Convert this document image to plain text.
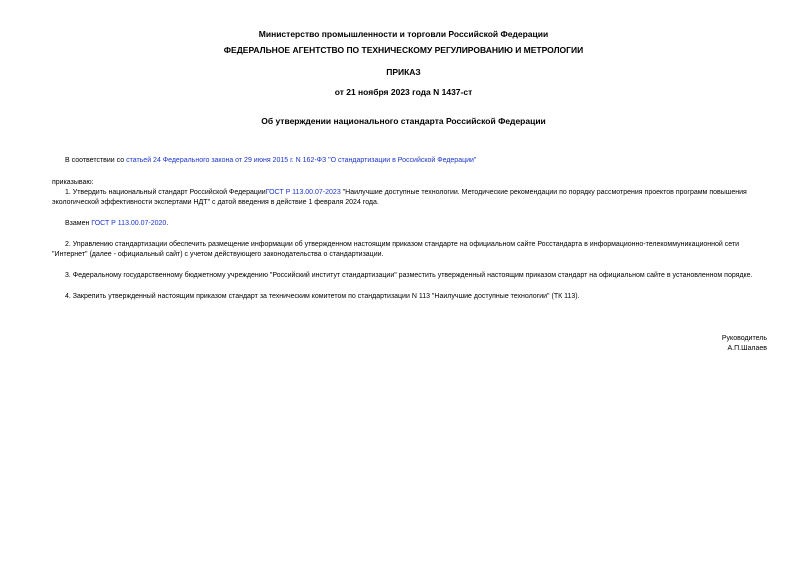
Министерство промышленности и торговли Российской Федерации
ФЕДЕРАЛЬНОЕ АГЕНТСТВО ПО ТЕХНИЧЕСКОМУ РЕГУЛИРОВАНИЮ И МЕТРОЛОГИИ
ПРИКАЗ
от 21 ноября 2023 года N 1437-ст
Об утверждении национального стандарта Российской Федерации
В соответствии со статьей 24 Федерального закона от 29 июня 2015 г. N 162-ФЗ "О стандартизации в Российской Федерации"
приказываю:
1. Утвердить национальный стандарт Российской ФедерацииГОСТ Р 113.00.07-2023 "Наилучшие доступные технологии. Методические рекомендации по порядку рассмотрения проектов программ повышения
экологической эффективности экспертами НДТ" с датой введения в действие 1 февраля 2024 года.
Взамен ГОСТ Р 113.00.07-2020.
2. Управлению стандартизации обеспечить размещение информации об утвержденном настоящим приказом стандарте на официальном сайте Росстандарта в информационно-телекоммуникационной сети
"Интернет" (далее - официальный сайт) с учетом действующего законодательства о стандартизации.
3. Федеральному государственному бюджетному учреждению "Российский институт стандартизации" разместить утвержденный настоящим приказом стандарт на официальном сайте в установленном порядке.
4. Закрепить утвержденный настоящим приказом стандарт за техническим комитетом по стандартизации N 113 "Наилучшие доступные технологии" (ТК 113).
Руководитель
А.П.Шалаев
